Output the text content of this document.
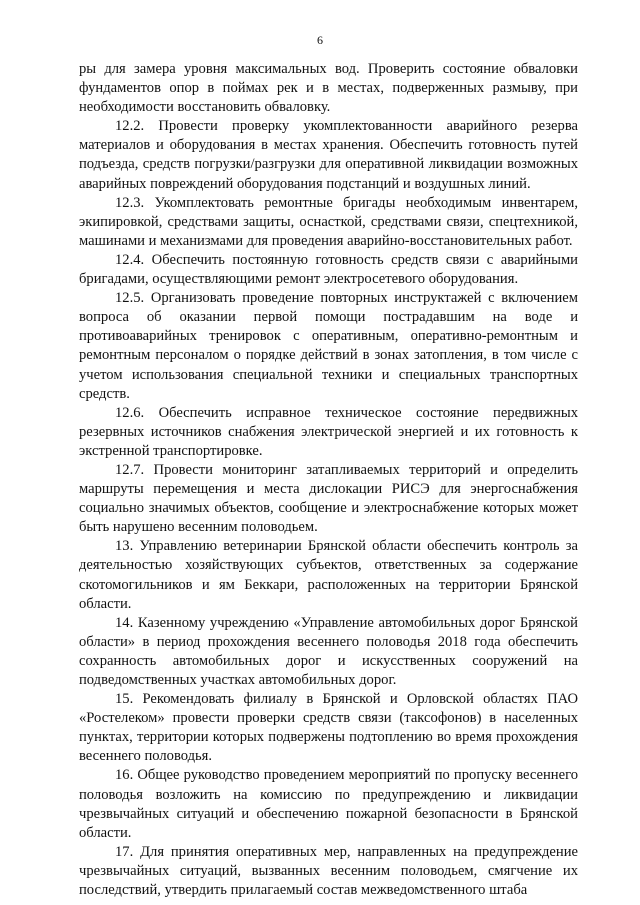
6

ры для замера уровня максимальных вод. Проверить состояние обваловки фундаментов опор в поймах рек и в местах, подверженных размыву, при необходимости восстановить обваловку.

12.2. Провести проверку укомплектованности аварийного резерва материалов и оборудования в местах хранения. Обеспечить готовность путей подъезда, средств погрузки/разгрузки для оперативной ликвидации возможных аварийных повреждений оборудования подстанций и воздушных линий.

12.3. Укомплектовать ремонтные бригады необходимым инвентарем, экипировкой, средствами защиты, оснасткой, средствами связи, спецтехникой, машинами и механизмами для проведения аварийно-восстановительных работ.

12.4. Обеспечить постоянную готовность средств связи с аварийными бригадами, осуществляющими ремонт электросетевого оборудования.

12.5. Организовать проведение повторных инструктажей с включением вопроса об оказании первой помощи пострадавшим на воде и противоаварийных тренировок с оперативным, оперативно-ремонтным и ремонтным персоналом о порядке действий в зонах затопления, в том числе с учетом использования специальной техники и специальных транспортных средств.

12.6. Обеспечить исправное техническое состояние передвижных резервных источников снабжения электрической энергией и их готовность к экстренной транспортировке.

12.7. Провести мониторинг затапливаемых территорий и определить маршруты перемещения и места дислокации РИСЭ для энергоснабжения социально значимых объектов, сообщение и электроснабжение которых может быть нарушено весенним половодьем.

13. Управлению ветеринарии Брянской области обеспечить контроль за деятельностью хозяйствующих субъектов, ответственных за содержание скотомогильников и ям Беккари, расположенных на территории Брянской области.

14. Казенному учреждению «Управление автомобильных дорог Брянской области» в период прохождения весеннего половодья 2018 года обеспечить сохранность автомобильных дорог и искусственных сооружений на подведомственных участках автомобильных дорог.

15. Рекомендовать филиалу в Брянской и Орловской областях ПАО «Ростелеком» провести проверки средств связи (таксофонов) в населенных пунктах, территории которых подвержены подтоплению во время прохождения весеннего половодья.

16. Общее руководство проведением мероприятий по пропуску весеннего половодья возложить на комиссию по предупреждению и ликвидации чрезвычайных ситуаций и обеспечению пожарной безопасности в Брянской области.

17. Для принятия оперативных мер, направленных на предупреждение чрезвычайных ситуаций, вызванных весенним половодьем, смягчение их последствий, утвердить прилагаемый состав межведомственного штаба
